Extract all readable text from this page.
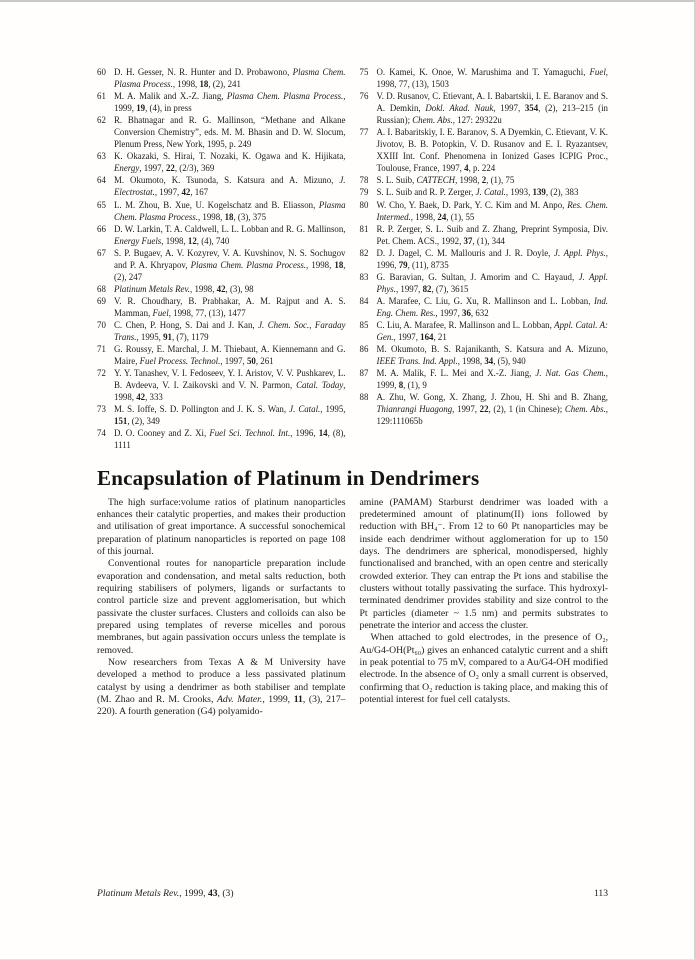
60 D. H. Gesser, N. R. Hunter and D. Probawono, Plasma Chem. Plasma Process., 1998, 18, (2), 241
61 M. A. Malik and X.-Z. Jiang, Plasma Chem. Plasma Process., 1999, 19, (4), in press
62 R. Bhatnagar and R. G. Mallinson, “Methane and Alkane Conversion Chemistry”, eds. M. M. Bhasin and D. W. Slocum, Plenum Press, New York, 1995, p. 249
63 K. Okazaki, S. Hirai, T. Nozaki, K. Ogawa and K. Hijikata, Energy, 1997, 22, (2/3), 369
64 M. Okumoto, K. Tsunoda, S. Katsura and A. Mizuno, J. Electrostat., 1997, 42, 167
65 L. M. Zhou, B. Xue, U. Kogelschatz and B. Eliasson, Plasma Chem. Plasma Process., 1998, 18, (3), 375
66 D. W. Larkin, T. A. Caldwell, L. L. Lobban and R. G. Mallinson, Energy Fuels, 1998, 12, (4), 740
67 S. P. Bugaev, A. V. Kozyrev, V. A. Kuvshinov, N. S. Sochugov and P. A. Khryapov, Plasma Chem. Plasma Process., 1998, 18, (2), 247
68 Platinum Metals Rev., 1998, 42, (3), 98
69 V. R. Choudhary, B. Prabhakar, A. M. Rajput and A. S. Mamman, Fuel, 1998, 77, (13), 1477
70 C. Chen, P. Hong, S. Dai and J. Kan, J. Chem. Soc., Faraday Trans., 1995, 91, (7), 1179
71 G. Roussy, E. Marchal, J. M. Thiebaut, A. Kiennemann and G. Maire, Fuel Process. Technol., 1997, 50, 261
72 Y. Y. Tanashev, V. I. Fedoseev, Y. I. Aristov, V. V. Pushkarev, L. B. Avdeeva, V. I. Zaikovski and V. N. Parmon, Catal. Today, 1998, 42, 333
73 M. S. Ioffe, S. D. Pollington and J. K. S. Wan, J. Catal., 1995, 151, (2), 349
74 D. O. Cooney and Z. Xi, Fuel Sci. Technol. Int., 1996, 14, (8), 1111
75 O. Kamei, K. Onoe, W. Marushima and T. Yamaguchi, Fuel, 1998, 77, (13), 1503
76 V. D. Rusanov, C. Etievant, A. I. Babartskii, I. E. Baranov and S. A. Demkin, Dokl. Akad. Nauk, 1997, 354, (2), 213–215 (in Russian); Chem. Abs., 127: 29322u
77 A. I. Babaritskiy, I. E. Baranov, S. A Dyemkin, C. Etievant, V. K. Jivotov, B. B. Potopkin, V. D. Rusanov and E. I. Ryazantsev, XXIII Int. Conf. Phenomena in Ionized Gases ICPIG Proc., Toulouse, France, 1997, 4, p. 224
78 S. L. Suib, CATTECH, 1998, 2, (1), 75
79 S. L. Suib and R. P. Zerger, J. Catal., 1993, 139, (2), 383
80 W. Cho, Y. Baek, D. Park, Y. C. Kim and M. Anpo, Res. Chem. Intermed., 1998, 24, (1), 55
81 R. P. Zerger, S. L. Suib and Z. Zhang, Preprint Symposia, Div. Pet. Chem. ACS., 1992, 37, (1), 344
82 D. J. Dagel, C. M. Mallouris and J. R. Doyle, J. Appl. Phys., 1996, 79, (11), 8735
83 G. Baravian, G. Sultan, J. Amorim and C. Hayaud, J. Appl. Phys., 1997, 82, (7), 3615
84 A. Marafee, C. Liu, G. Xu, R. Mallinson and L. Lobban, Ind. Eng. Chem. Res., 1997, 36, 632
85 C. Liu, A. Marafee, R. Mallinson and L. Lobban, Appl. Catal. A: Gen., 1997, 164, 21
86 M. Okumoto, B. S. Rajanikanth, S. Katsura and A. Mizuno, IEEE Trans. Ind. Appl., 1998, 34, (5), 940
87 M. A. Malik, F. L. Mei and X.-Z. Jiang, J. Nat. Gas Chem., 1999, 8, (1), 9
88 A. Zhu, W. Gong, X. Zhang, J. Zhou, H. Shi and B. Zhang, Thianrangi Huagong, 1997, 22, (2), 1 (in Chinese); Chem. Abs., 129:111065b
Encapsulation of Platinum in Dendrimers

The high surface:volume ratios of platinum nanoparticles enhances their catalytic properties, and makes their production and utilisation of great importance. A successful sonochemical preparation of platinum nanoparticles is reported on page 108 of this journal.

Conventional routes for nanoparticle preparation include evaporation and condensation, and metal salts reduction, both requiring stabilisers of polymers, ligands or surfactants to control particle size and prevent agglomerisation, but which passivate the cluster surfaces. Clusters and colloids can also be prepared using templates of reverse micelles and porous membranes, but again passivation occurs unless the template is removed.

Now researchers from Texas A & M University have developed a method to produce a less passivated platinum catalyst by using a dendrimer as both stabiliser and template (M. Zhao and R. M. Crooks, Adv. Mater., 1999, 11, (3), 217–220). A fourth generation (G4) polyamido-

amine (PAMAM) Starburst dendrimer was loaded with a predetermined amount of platinum(II) ions followed by reduction with BH₄⁻. From 12 to 60 Pt nanoparticles may be inside each dendrimer without agglomeration for up to 150 days. The dendrimers are spherical, monodispersed, highly functionalised and branched, with an open centre and sterically crowded exterior. They can entrap the Pt ions and stabilise the clusters without totally passivating the surface. This hydroxyl-terminated dendrimer provides stability and size control to the Pt particles (diameter ~ 1.5 nm) and permits substrates to penetrate the interior and access the cluster.

When attached to gold electrodes, in the presence of O₂, Au/G4-OH(Pt₆₀) gives an enhanced catalytic current and a shift in peak potential to 75 mV, compared to a Au/G4-OH modified electrode. In the absence of O₂ only a small current is observed, confirming that O₂ reduction is taking place, and making this of potential interest for fuel cell catalysts.

Platinum Metals Rev., 1999, 43, (3)	113
